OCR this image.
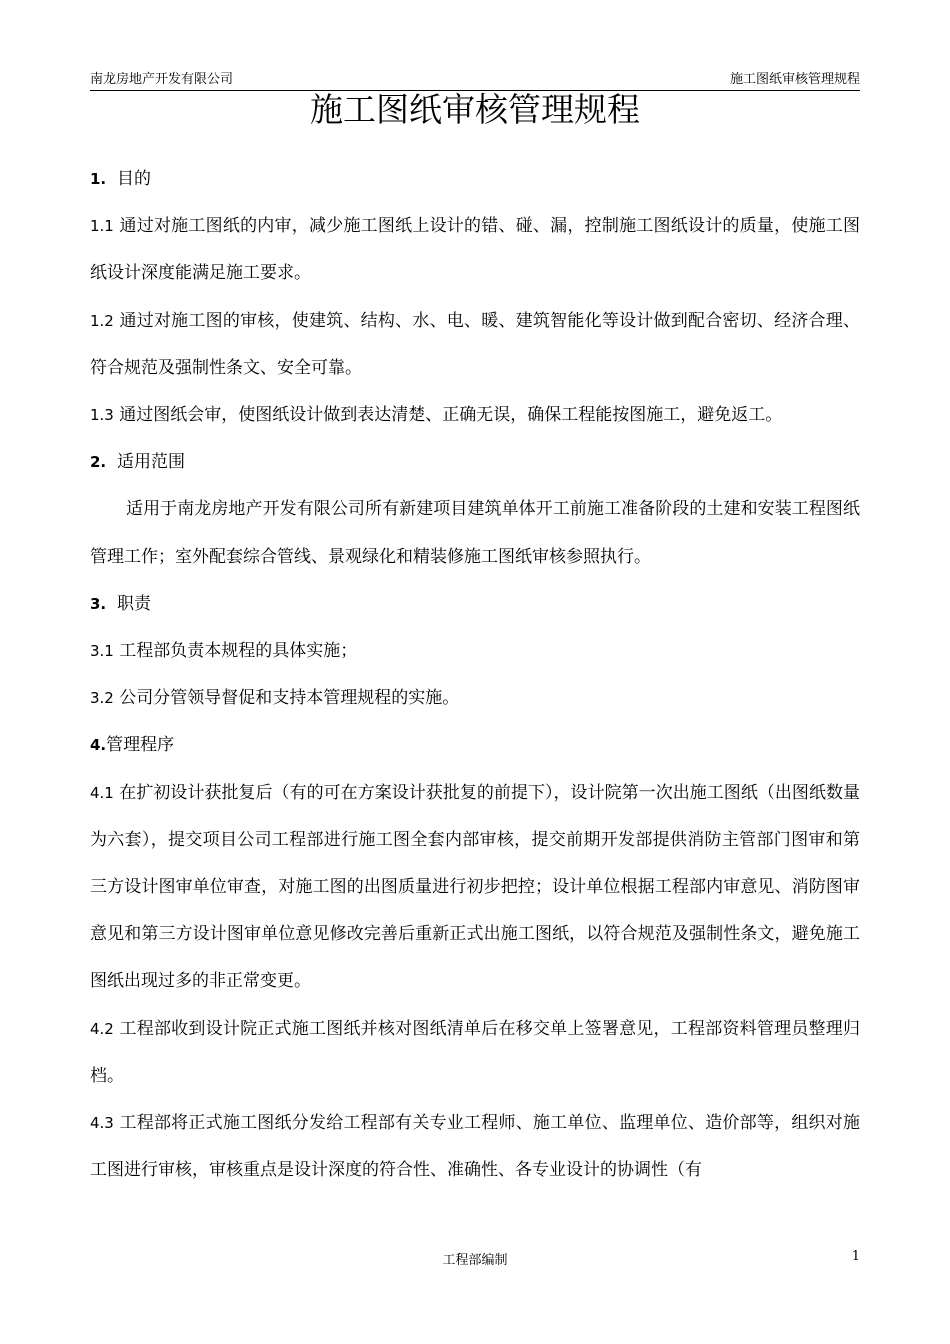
南龙房地产开发有限公司	施工图纸审核管理规程
施工图纸审核管理规程

1. 目的

1.1 通过对施工图纸的内审，减少施工图纸上设计的错、碰、漏，控制施工图纸设计的质量，使施工图纸设计深度能满足施工要求。

1.2 通过对施工图的审核，使建筑、结构、水、电、暖、建筑智能化等设计做到配合密切、经济合理、符合规范及强制性条文、安全可靠。

1.3 通过图纸会审，使图纸设计做到表达清楚、正确无误，确保工程能按图施工，避免返工。

2. 适用范围

适用于南龙房地产开发有限公司所有新建项目建筑单体开工前施工准备阶段的土建和安装工程图纸管理工作；室外配套综合管线、景观绿化和精装修施工图纸审核参照执行。

3. 职责

3.1 工程部负责本规程的具体实施；

3.2 公司分管领导督促和支持本管理规程的实施。

4.管理程序

4.1 在扩初设计获批复后（有的可在方案设计获批复的前提下），设计院第一次出施工图纸（出图纸数量为六套），提交项目公司工程部进行施工图全套内部审核，提交前期开发部提供消防主管部门图审和第三方设计图审单位审查，对施工图的出图质量进行初步把控；设计单位根据工程部内审意见、消防图审意见和第三方设计图审单位意见修改完善后重新正式出施工图纸，以符合规范及强制性条文，避免施工图纸出现过多的非正常变更。

4.2 工程部收到设计院正式施工图纸并核对图纸清单后在移交单上签署意见，工程部资料管理员整理归档。

4.3 工程部将正式施工图纸分发给工程部有关专业工程师、施工单位、监理单位、造价部等，组织对施工图进行审核，审核重点是设计深度的符合性、准确性、各专业设计的协调性（有

工程部编制	1
